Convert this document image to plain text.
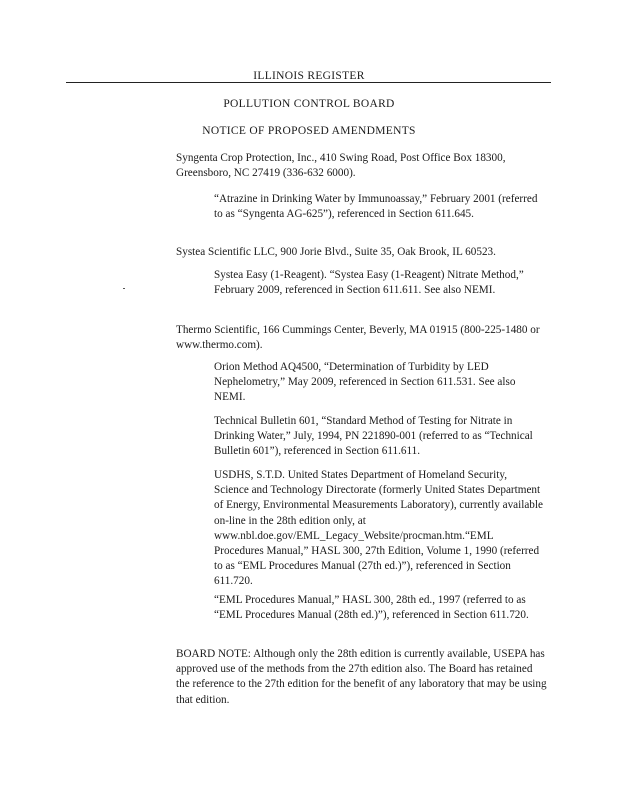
ILLINOIS REGISTER
POLLUTION CONTROL BOARD
NOTICE OF PROPOSED AMENDMENTS

Syngenta Crop Protection, Inc., 410 Swing Road, Post Office Box 18300, Greensboro, NC 27419 (336-632 6000).

“Atrazine in Drinking Water by Immunoassay,” February 2001 (referred to as “Syngenta AG-625”), referenced in Section 611.645.

Systea Scientific LLC, 900 Jorie Blvd., Suite 35, Oak Brook, IL 60523.

Systea Easy (1-Reagent). “Systea Easy (1-Reagent) Nitrate Method,” February 2009, referenced in Section 611.611. See also NEMI.

Thermo Scientific, 166 Cummings Center, Beverly, MA 01915 (800-225-1480 or www.thermo.com).

Orion Method AQ4500, “Determination of Turbidity by LED Nephelometry,” May 2009, referenced in Section 611.531. See also NEMI.

Technical Bulletin 601, “Standard Method of Testing for Nitrate in Drinking Water,” July, 1994, PN 221890-001 (referred to as “Technical Bulletin 601”), referenced in Section 611.611.

USDHS, S.T.D. United States Department of Homeland Security, Science and Technology Directorate (formerly United States Department of Energy, Environmental Measurements Laboratory), currently available on-line in the 28th edition only, at www.nbl.doe.gov/EML_Legacy_Website/procman.htm.“EML Procedures Manual,” HASL 300, 27th Edition, Volume 1, 1990 (referred to as “EML Procedures Manual (27th ed.)”), referenced in Section 611.720.

“EML Procedures Manual,” HASL 300, 28th ed., 1997 (referred to as “EML Procedures Manual (28th ed.)”), referenced in Section 611.720.

BOARD NOTE: Although only the 28th edition is currently available, USEPA has approved use of the methods from the 27th edition also. The Board has retained the reference to the 27th edition for the benefit of any laboratory that may be using that edition.
